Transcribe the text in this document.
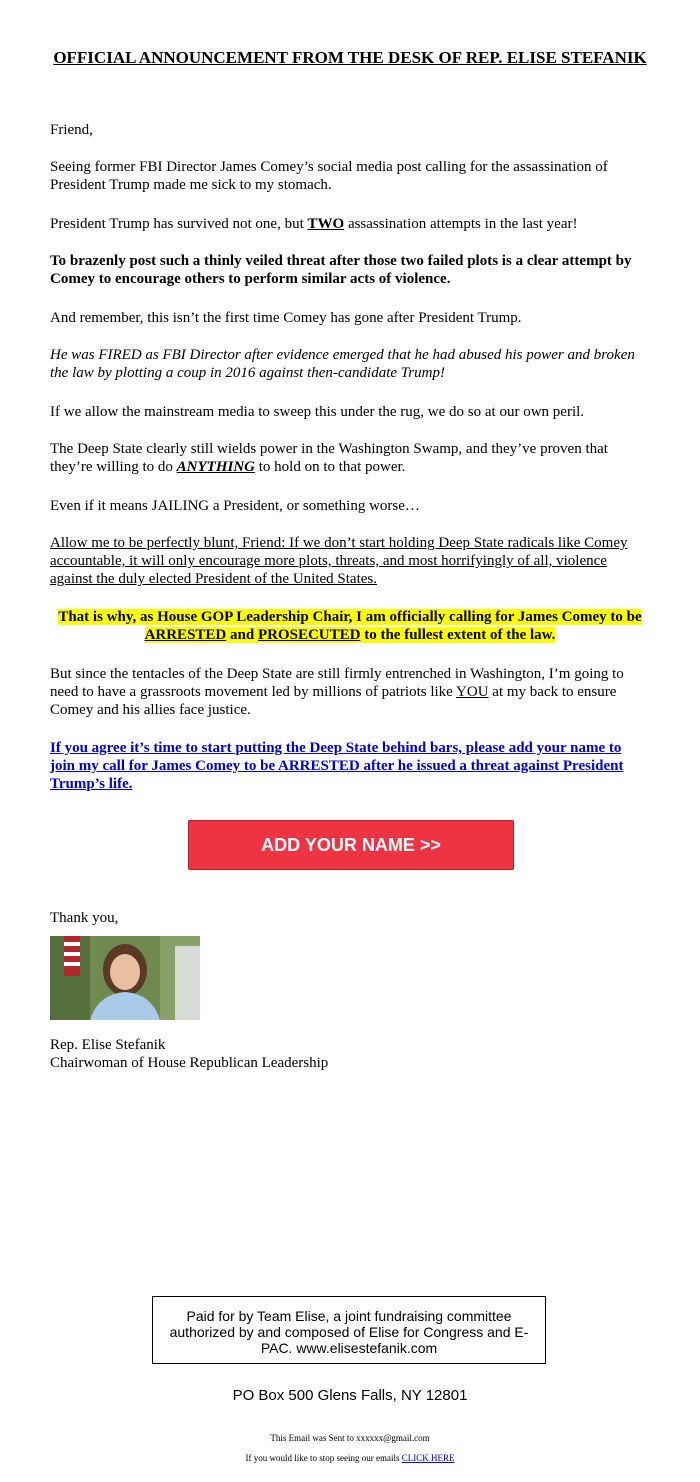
OFFICIAL ANNOUNCEMENT FROM THE DESK OF REP. ELISE STEFANIK

Friend,

Seeing former FBI Director James Comey’s social media post calling for the assassination of President Trump made me sick to my stomach.

President Trump has survived not one, but TWO assassination attempts in the last year!

To brazenly post such a thinly veiled threat after those two failed plots is a clear attempt by Comey to encourage others to perform similar acts of violence.

And remember, this isn’t the first time Comey has gone after President Trump.

He was FIRED as FBI Director after evidence emerged that he had abused his power and broken the law by plotting a coup in 2016 against then-candidate Trump!

If we allow the mainstream media to sweep this under the rug, we do so at our own peril.

The Deep State clearly still wields power in the Washington Swamp, and they’ve proven that they’re willing to do ANYTHING to hold on to that power.

Even if it means JAILING a President, or something worse…

Allow me to be perfectly blunt, Friend: If we don’t start holding Deep State radicals like Comey accountable, it will only encourage more plots, threats, and most horrifyingly of all, violence against the duly elected President of the United States.

That is why, as House GOP Leadership Chair, I am officially calling for James Comey to be ARRESTED and PROSECUTED to the fullest extent of the law.

But since the tentacles of the Deep State are still firmly entrenched in Washington, I’m going to need to have a grassroots movement led by millions of patriots like YOU at my back to ensure Comey and his allies face justice.

If you agree it’s time to start putting the Deep State behind bars, please add your name to join my call for James Comey to be ARRESTED after he issued a threat against President Trump’s life.

ADD YOUR NAME >>

Thank you,

Rep. Elise Stefanik

Chairwoman of House Republican Leadership

Paid for by Team Elise, a joint fundraising committee authorized by and composed of Elise for Congress and E-PAC. www.elisestefanik.com
PO Box 500 Glens Falls, NY 12801
This Email was Sent to xxxxxx@gmail.com
If you would like to stop seeing our emails CLICK HERE
